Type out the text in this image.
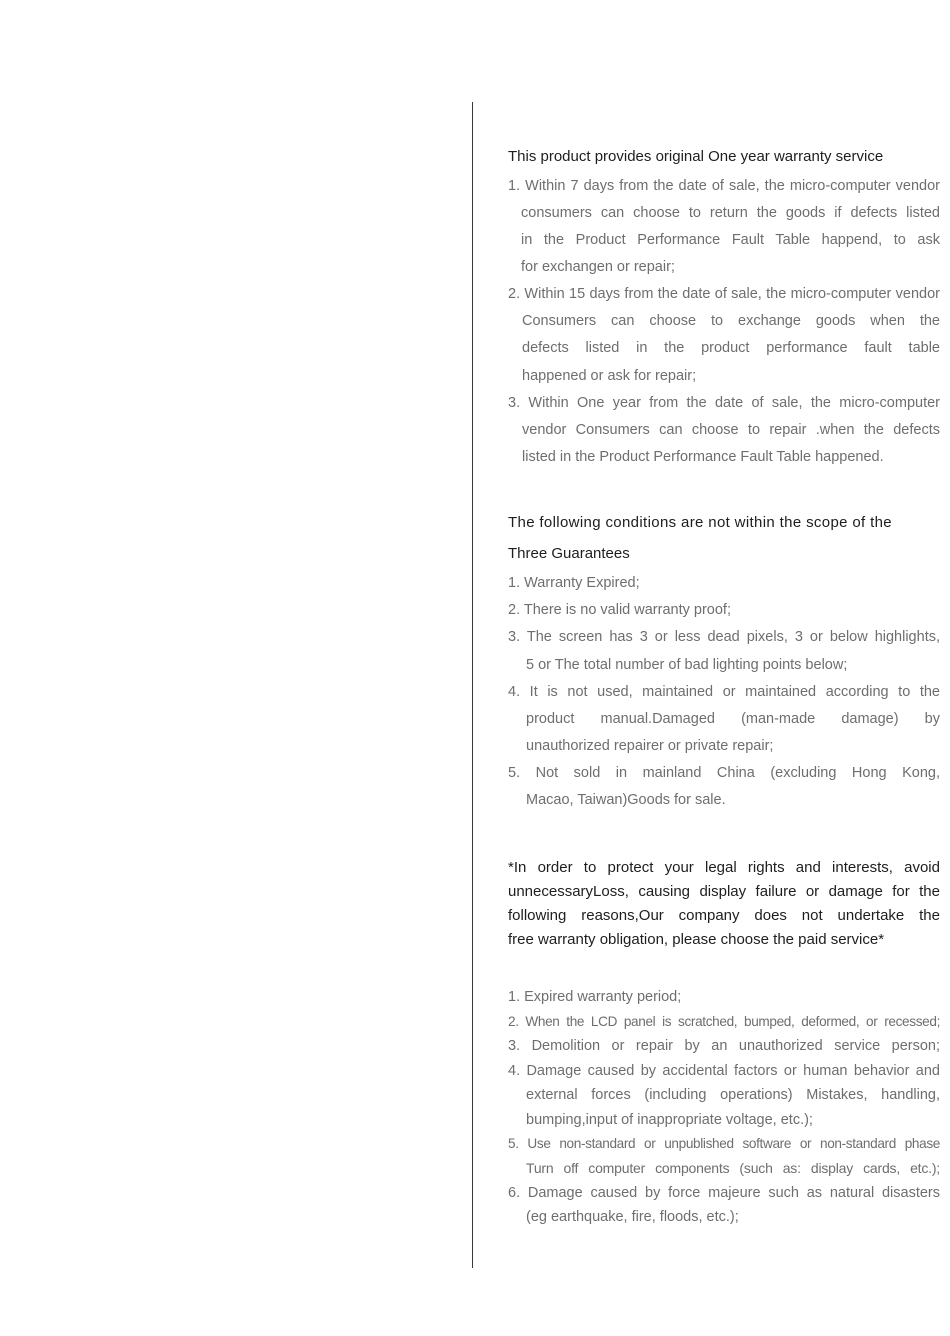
This product provides original One year warranty service
1. Within 7 days from the date of sale, the micro-computer vendor
consumers can choose to return the goods if defects listed
in the Product Performance Fault Table happend, to ask
for exchangen or repair;
2. Within 15 days from the date of sale, the micro-computer vendor
Consumers can choose to exchange goods when the
defects listed in the product performance fault table
happened or ask for repair;
3. Within One year from the date of sale, the micro-computer
vendor Consumers can choose to repair .when the defects
listed in the Product Performance Fault Table happened.
The following conditions are not within the scope of the
Three Guarantees
1. Warranty Expired;
2. There is no valid warranty proof;
3. The screen has 3 or less dead pixels, 3 or below highlights,
5 or The total number of bad lighting points below;
4. It is not used, maintained or maintained according to the
product manual.Damaged (man-made damage) by
unauthorized repairer or private repair;
5. Not sold in mainland China (excluding Hong Kong,
Macao, Taiwan)Goods for sale.
*In order to protect your legal rights and interests, avoid
unnecessaryLoss, causing display failure or damage for the
following reasons,Our company does not undertake the
free warranty obligation, please choose the paid service*
1. Expired warranty period;
2. When the LCD panel is scratched, bumped, deformed, or recessed;
3. Demolition or repair by an unauthorized service person;
4. Damage caused by accidental factors or human behavior and
external forces (including operations) Mistakes, handling,
bumping,input of inappropriate voltage, etc.);
5. Use non-standard or unpublished software or non-standard phase
Turn off computer components (such as: display cards, etc.);
6. Damage caused by force majeure such as natural disasters
(eg earthquake, fire, floods, etc.);
